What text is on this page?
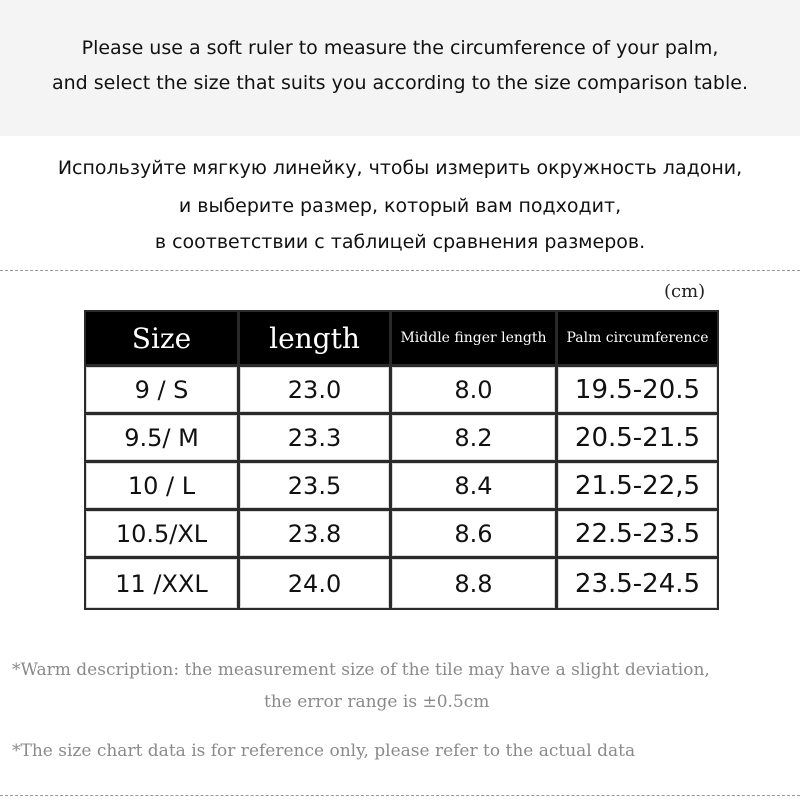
Please use a soft ruler to measure the circumference of your palm,
and select the size that suits you according to the size comparison table.
Используйте мягкую линейку, чтобы измерить окружность ладони,
и выберите размер, который вам подходит,
в соответствии с таблицей сравнения размеров.
(cm)
Size	length	Middle finger length	Palm circumference
9 / S	23.0	8.0	19.5-20.5
9.5/ M	23.3	8.2	20.5-21.5
10 / L	23.5	8.4	21.5-22,5
10.5/XL	23.8	8.6	22.5-23.5
11 /XXL	24.0	8.8	23.5-24.5
*Warm description: the measurement size of the tile may have a slight deviation,
the error range is ±0.5cm
*The size chart data is for reference only, please refer to the actual data
